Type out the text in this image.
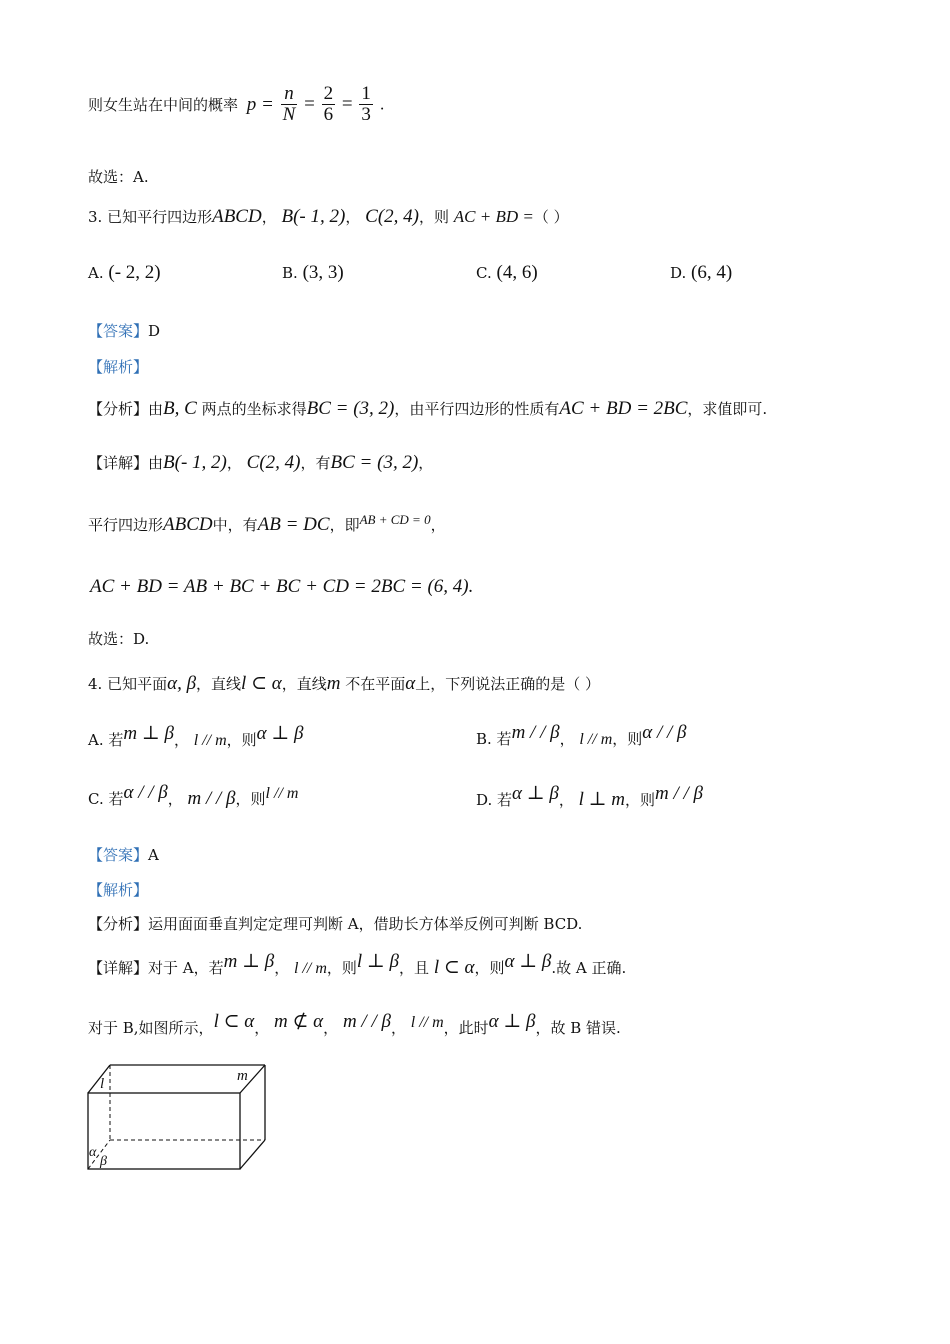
则女生站在中间的概率 $p = \frac{n}{N} = \frac{2}{6} = \frac{1}{3}$ .
故选：A.
3. 已知平行四边形ABCD， B(- 1, 2)， C(2, 4)，则 AC + BD =（ ）
A. (- 2, 2)	B. (3, 3)	C. (4, 6)	D. (6, 4)
【答案】D
【解析】
【分析】由B, C 两点的坐标求得BC = (3, 2)，由平行四边形的性质有AC + BD = 2BC，求值即可.
【详解】由B(- 1, 2)， C(2, 4)，有BC = (3, 2)，
平行四边形ABCD中，有AB = DC，即AB + CD = 0，
AC + BD = AB + BC + BC + CD = 2BC = (6, 4).
故选：D.
4. 已知平面α, β，直线l ⊂ α，直线m 不在平面α上，下列说法正确的是（ ）
A. 若m ⊥ β， l // m，则α ⊥ β	B. 若m / / β， l // m，则α / / β
C. 若α / / β， m / / β，则l // m	D. 若α ⊥ β， l ⊥ m，则m / / β
【答案】A
【解析】
【分析】运用面面垂直判定定理可判断 A，借助长方体举反例可判断 BCD.
【详解】对于 A，若m ⊥ β， l // m，则l ⊥ β，且 l ⊂ α，则α ⊥ β.故 A 正确.
对于 B,如图所示，l ⊂ α， m ⊄ α， m / / β， l // m，此时α ⊥ β，故 B 错误.
l	m
α
β
